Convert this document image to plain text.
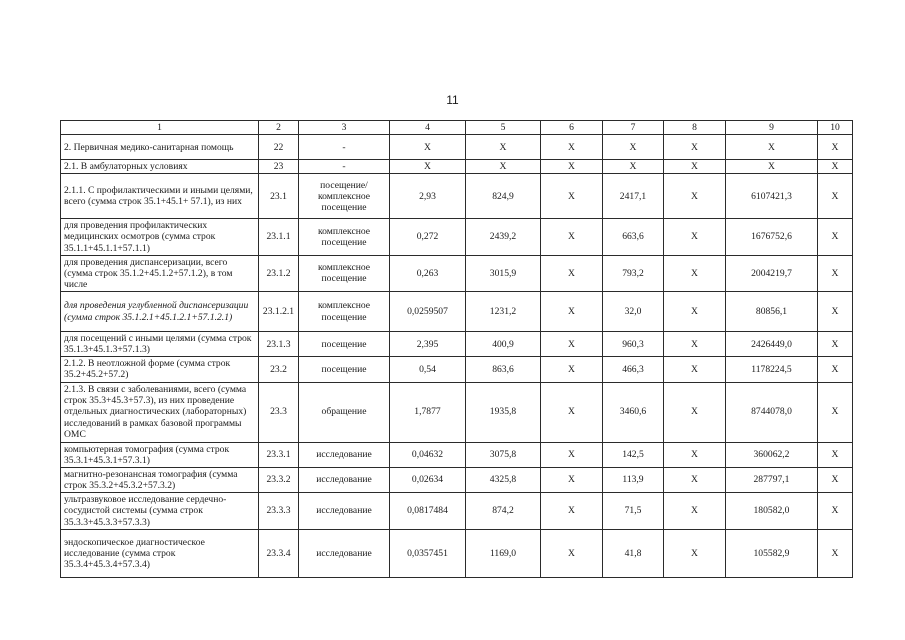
11
1	2	3	4	5	6	7	8	9	10
2. Первичная медико-санитарная помощь	22	-	X	X	X	X	X	X	X
2.1. В амбулаторных условиях	23	-	X	X	X	X	X	X	X
2.1.1. С профилактическими и иными целями, всего (сумма строк 35.1+45.1+ 57.1), из них	23.1	посещение/комплексное посещение	2,93	824,9	X	2417,1	X	6107421,3	X
для проведения профилактических медицинских осмотров (сумма строк 35.1.1+45.1.1+57.1.1)	23.1.1	комплексное посещение	0,272	2439,2	X	663,6	X	1676752,6	X
для проведения диспансеризации, всего (сумма строк 35.1.2+45.1.2+57.1.2), в том числе	23.1.2	комплексное посещение	0,263	3015,9	X	793,2	X	2004219,7	X
для проведения углубленной диспансеризации (сумма строк 35.1.2.1+45.1.2.1+57.1.2.1)	23.1.2.1	комплексное посещение	0,0259507	1231,2	X	32,0	X	80856,1	X
для посещений с иными целями (сумма строк 35.1.3+45.1.3+57.1.3)	23.1.3	посещение	2,395	400,9	X	960,3	X	2426449,0	X
2.1.2. В неотложной форме (сумма строк 35.2+45.2+57.2)	23.2	посещение	0,54	863,6	X	466,3	X	1178224,5	X
2.1.3. В связи с заболеваниями, всего (сумма строк 35.3+45.3+57.3), из них проведение отдельных диагностических (лабораторных) исследований в рамках базовой программы ОМС	23.3	обращение	1,7877	1935,8	X	3460,6	X	8744078,0	X
компьютерная томография (сумма строк 35.3.1+45.3.1+57.3.1)	23.3.1	исследование	0,04632	3075,8	X	142,5	X	360062,2	X
магнитно-резонансная томография (сумма строк 35.3.2+45.3.2+57.3.2)	23.3.2	исследование	0,02634	4325,8	X	113,9	X	287797,1	X
ультразвуковое исследование сердечно-сосудистой системы (сумма строк 35.3.3+45.3.3+57.3.3)	23.3.3	исследование	0,0817484	874,2	X	71,5	X	180582,0	X
эндоскопическое диагностическое исследование (сумма строк 35.3.4+45.3.4+57.3.4)	23.3.4	исследование	0,0357451	1169,0	X	41,8	X	105582,9	X
